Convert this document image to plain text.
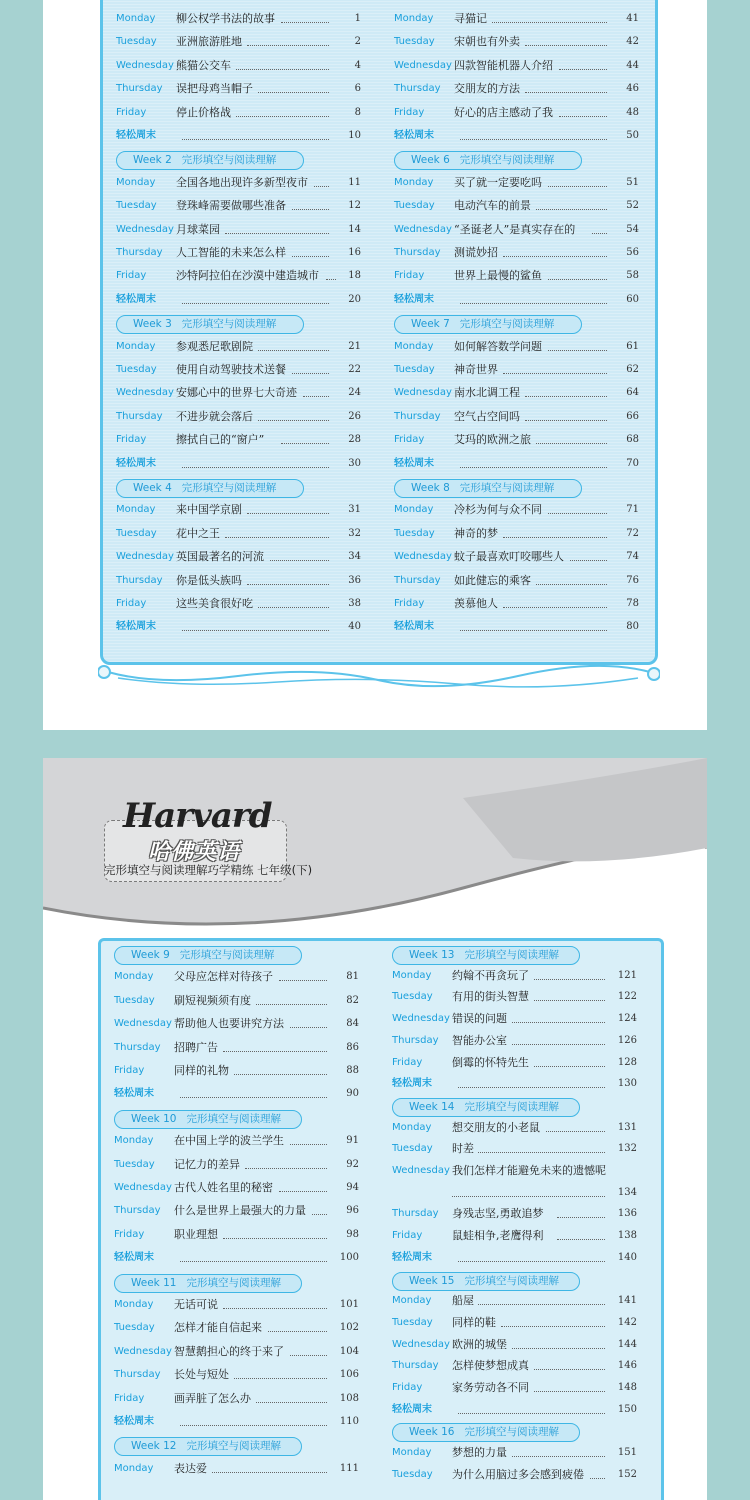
Monday 柳公权学书法的故事	1
Tuesday 亚洲旅游胜地	2
Wednesday 熊猫公交车	4
Thursday 误把母鸡当帽子	6
Friday	停止价格战	8
轻松周末	10
Week 2 完形填空与阅读理解
Monday 全国各地出现许多新型夜市	11
Tuesday 登珠峰需要做哪些准备	12
Wednesday 月球菜园	14
Thursday 人工智能的未来怎么样	16
Friday	沙特阿拉伯在沙漠中建造城市	18
轻松周末	20
Week 3 完形填空与阅读理解
Monday 参观悉尼歌剧院	21
Tuesday 使用自动驾驶技术送餐	22
Wednesday 安娜心中的世界七大奇迹	24
Thursday 不进步就会落后	26
Friday	擦拭自己的“窗户”	28
轻松周末	30
Week 4 完形填空与阅读理解
Monday 来中国学京剧	31
Tuesday 花中之王	32
Wednesday 英国最著名的河流	34
Thursday 你是低头族吗	36
Friday	这些美食很好吃	38
轻松周末	40
Monday 寻猫记	41
Tuesday 宋朝也有外卖	42
Wednesday 四款智能机器人介绍	44
Thursday 交朋友的方法	46
Friday	好心的店主感动了我	48
轻松周末	50
Week 6 完形填空与阅读理解
Monday 买了就一定要吃吗	51
Tuesday 电动汽车的前景	52
Wednesday “圣诞老人”是真实存在的	54
Thursday 测谎妙招	56
Friday	世界上最慢的鲨鱼	58
轻松周末	60
Week 7 完形填空与阅读理解
Monday 如何解答数学问题	61
Tuesday 神奇世界	62
Wednesday 南水北调工程	64
Thursday 空气占空间吗	66
Friday	艾玛的欧洲之旅	68
轻松周末	70
Week 8 完形填空与阅读理解
Monday 冷杉为何与众不同	71
Tuesday 神奇的梦	72
Wednesday 蚊子最喜欢叮咬哪些人	74
Thursday 如此健忘的乘客	76
Friday	羡慕他人	78
轻松周末	80
Harvard
哈佛英语
完形填空与阅读理解巧学精练 七年级(下)
Week 9 完形填空与阅读理解
Monday 父母应怎样对待孩子	81
Tuesday 刷短视频须有度	82
Wednesday 帮助他人也要讲究方法	84
Thursday 招聘广告	86
Friday	同样的礼物	88
轻松周末	90
Week 10 完形填空与阅读理解
Monday 在中国上学的波兰学生	91
Tuesday 记忆力的差异	92
Wednesday 古代人姓名里的秘密	94
Thursday 什么是世界上最强大的力量	96
Friday	职业理想	98
轻松周末	100
Week 11 完形填空与阅读理解
Monday 无话可说	101
Tuesday 怎样才能自信起来	102
Wednesday 智慧鹅担心的终于来了	104
Thursday 长处与短处	106
Friday	画弄脏了怎么办	108
轻松周末	110
Week 12 完形填空与阅读理解
Monday 表达爱	111
Week 13 完形填空与阅读理解
Monday 约翰不再贪玩了	121
Tuesday 有用的街头智慧	122
Wednesday 错误的问题	124
Thursday 智能办公室	126
Friday	倒霉的怀特先生	128
轻松周末	130
Week 14 完形填空与阅读理解
Monday 想交朋友的小老鼠	131
Tuesday 时差	132
Wednesday 我们怎样才能避免未来的遗憾呢
134
Thursday 身残志坚,勇敢追梦	136
Friday	鼠蛙相争,老鹰得利	138
轻松周末	140
Week 15 完形填空与阅读理解
Monday 船屋	141
Tuesday 同样的鞋	142
Wednesday 欧洲的城堡	144
Thursday 怎样使梦想成真	146
Friday	家务劳动各不同	148
轻松周末	150
Week 16 完形填空与阅读理解
Monday 梦想的力量	151
Tuesday 为什么用脑过多会感到疲倦	152
